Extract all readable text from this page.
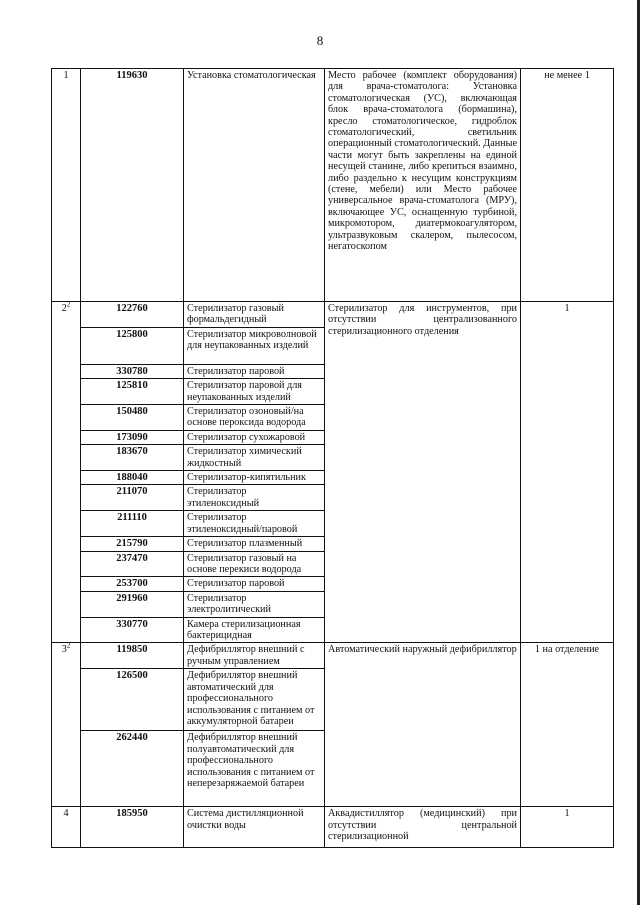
8
1	119630	Установка стоматологическая	Место рабочее (комплект оборудования) для врача-стоматолога: Установка стоматологическая (УС), включающая блок врача-стоматолога (бормашина), кресло стоматологическое, гидроблок стоматологический, светильник операционный стоматологический. Данные части могут быть закреплены на единой несущей станине, либо крепиться взаимно, либо раздельно к несущим конструкциям (стене, мебели) или Место рабочее универсальное врача-стоматолога (МРУ), включающее УС, оснащенную турбиной, микромотором, диатермокоагулятором, ультразвуковым скалером, пылесосом, негатоскопом	не менее 1
$2^2$	122760	Стерилизатор газовый формальдегидный	Стерилизатор для инструментов, при отсутствии централизованного стерилизационного отделения	1
	125800	Стерилизатор микроволновой для неупакованных изделий		
	330780	Стерилизатор паровой		
	125810	Стерилизатор паровой для неупакованных изделий		
	150480	Стерилизатор озоновый/на основе пероксида водорода		
	173090	Стерилизатор сухожаровой		
	183670	Стерилизатор химический жидкостный		
	188040	Стерилизатор-кипятильник		
	211070	Стерилизатор этиленоксидный		
	211110	Стерилизатор этиленоксидный/паровой		
	215790	Стерилизатор плазменный		
	237470	Стерилизатор газовый на основе перекиси водорода		
	253700	Стерилизатор паровой		
	291960	Стерилизатор электролитический		
	330770	Камера стерилизационная бактерицидная		
$3^2$	119850	Дефибриллятор внешний с ручным управлением	Автоматический наружный дефибриллятор	1 на отделение
	126500	Дефибриллятор внешний автоматический для профессионального использования с питанием от аккумуляторной батареи		
	262440	Дефибриллятор внешний полуавтоматический для профессионального использования с питанием от неперезаряжаемой батареи		
4	185950	Система дистилляционной очистки воды	Аквадистиллятор (медицинский) при отсутствии центральной стерилизационной	1
